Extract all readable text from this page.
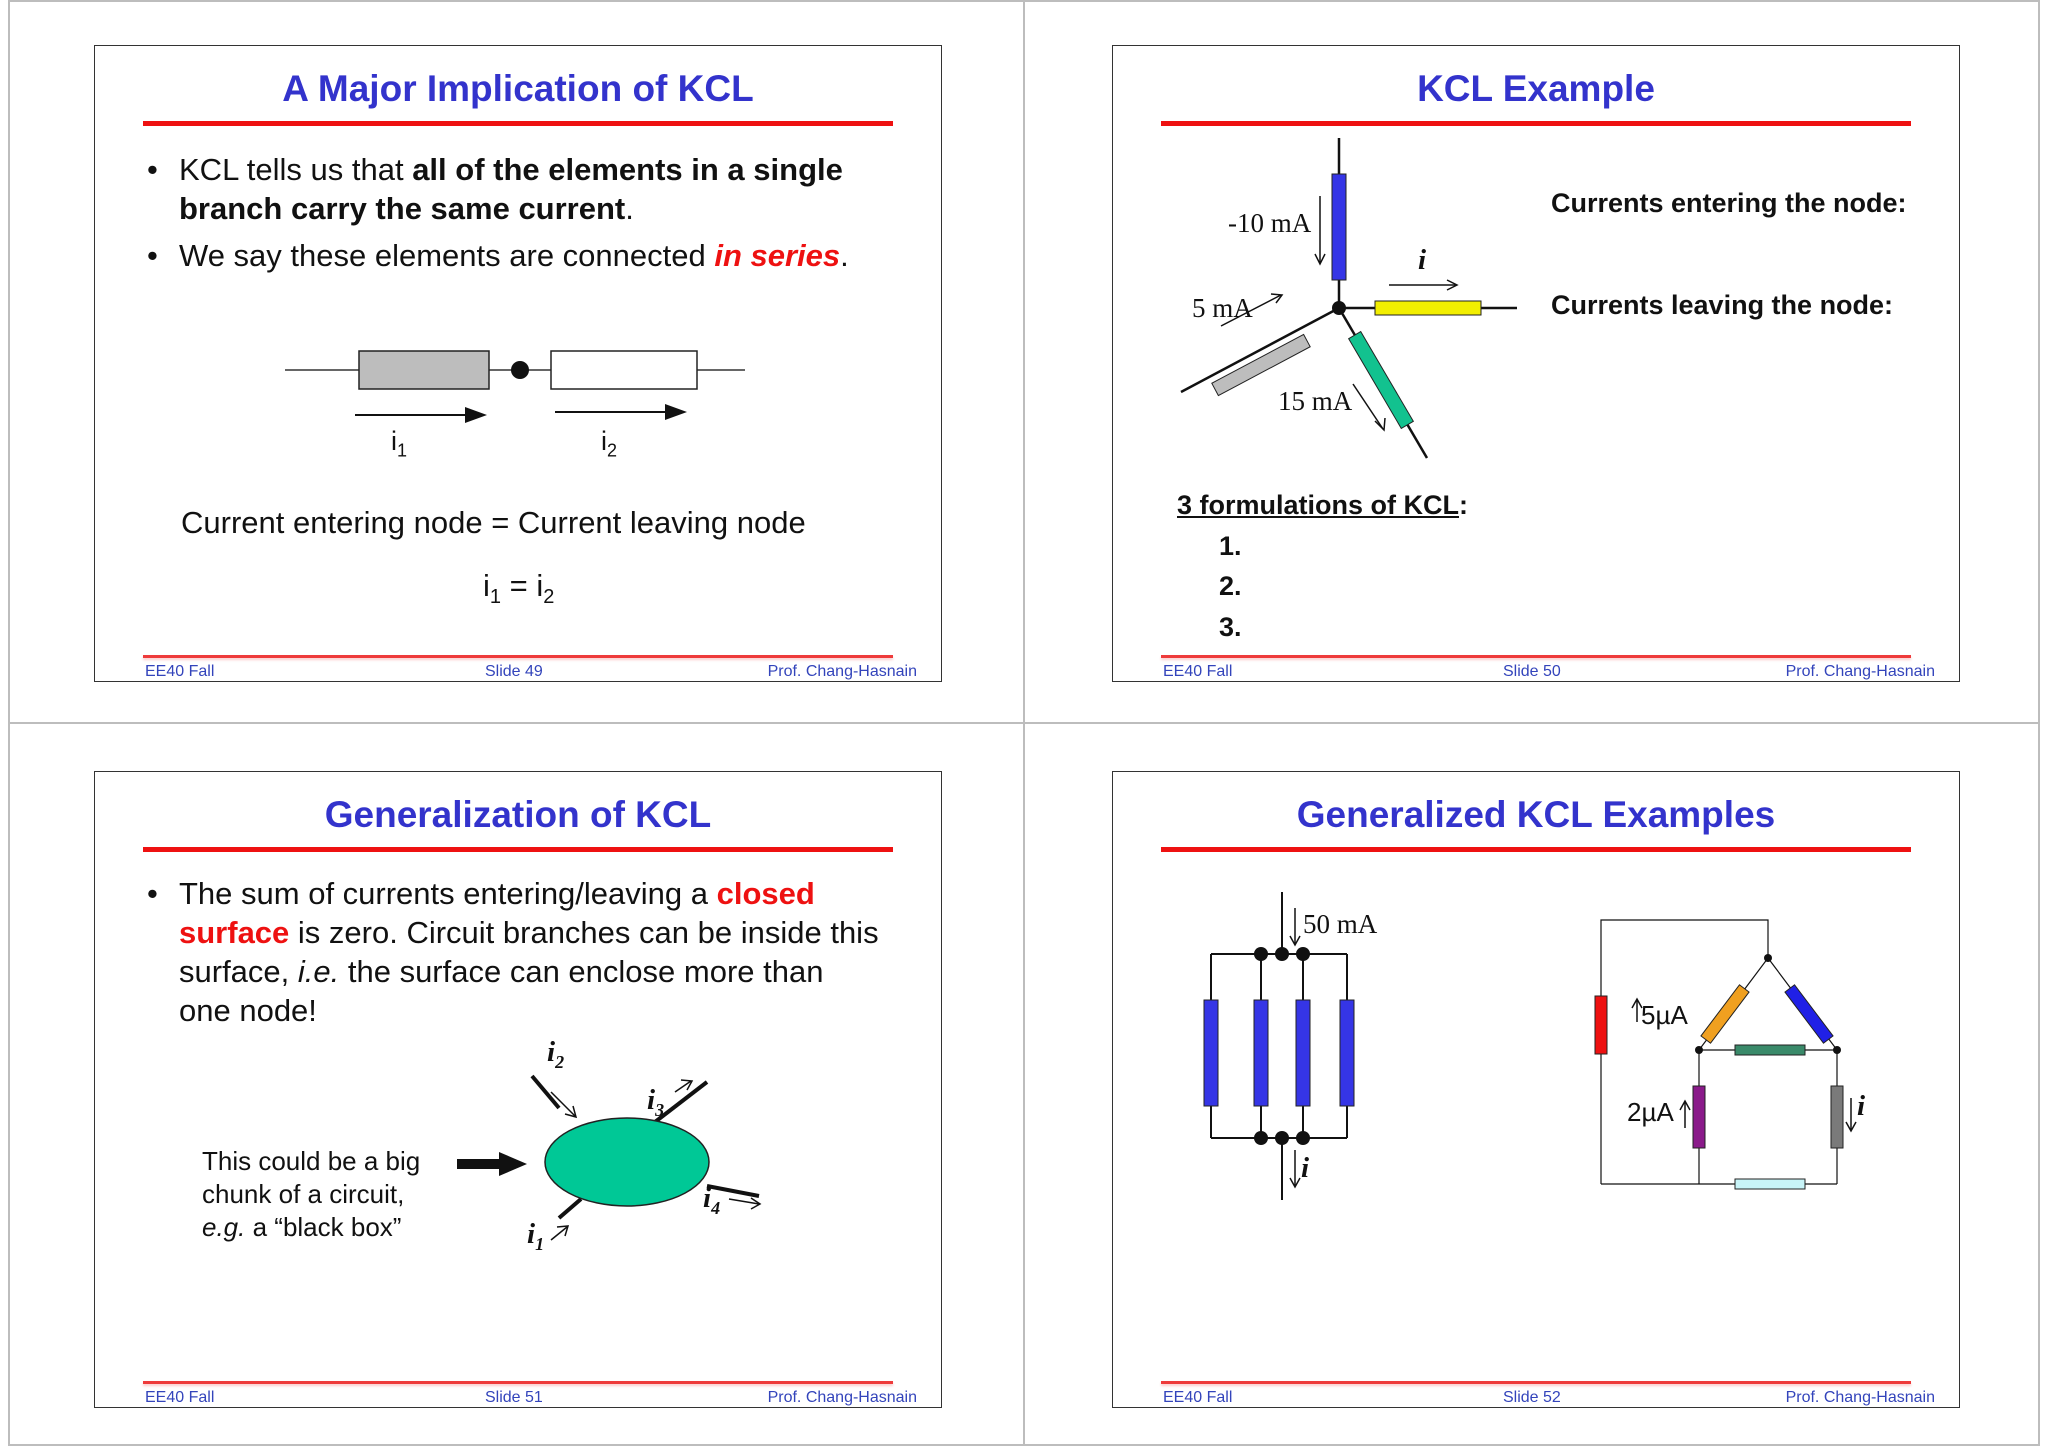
A Major Implication of KCL
• KCL tells us that all of the elements in a single branch carry the same current.
• We say these elements are connected in series.
$i_1$	$i_2$
Current entering node = Current leaving node
$i_1 = i_2$
EE40 Fall	Slide 49	Prof. Chang-Hasnain
KCL Example
-10 mA
5 mA
15 mA
i
Currents entering the node:
Currents leaving the node:
3 formulations of KCL:
1.
2.
3.
EE40 Fall	Slide 50	Prof. Chang-Hasnain
Generalization of KCL
• The sum of currents entering/leaving a closed surface is zero. Circuit branches can be inside this surface, i.e. the surface can enclose more than one node!
$i_2$
$i_3$
$i_4$
$i_1$
This could be a big
chunk of a circuit,
e.g. a “black box”
EE40 Fall	Slide 51	Prof. Chang-Hasnain
Generalized KCL Examples
50 mA
i
5µA
2µA	i
EE40 Fall	Slide 52	Prof. Chang-Hasnain
